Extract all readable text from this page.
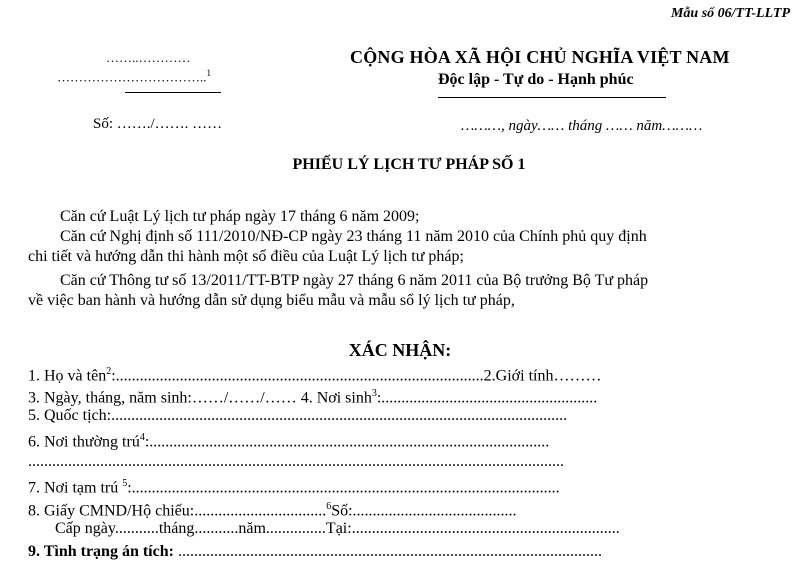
Mẫu số 06/TT-LLTP
……..…………
……………………………..$^1$
Số: ……./……. ……
CỘNG HÒA XÃ HỘI CHỦ NGHĨA VIỆT NAM
Độc lập - Tự do - Hạnh phúc
………, ngày…… tháng …… năm………
PHIẾU LÝ LỊCH TƯ PHÁP SỐ 1
Căn cứ Luật Lý lịch tư pháp ngày 17 tháng 6 năm 2009;
Căn cứ Nghị định số 111/2010/NĐ-CP ngày 23 tháng 11 năm 2010 của Chính phủ quy định
chi tiết và hướng dẫn thi hành một số điều của Luật Lý lịch tư pháp;
Căn cứ Thông tư số 13/2011/TT-BTP ngày 27 tháng 6 năm 2011 của Bộ trưởng Bộ Tư pháp
về việc ban hành và hướng dẫn sử dụng biểu mẫu và mẫu sổ lý lịch tư pháp,
XÁC NHẬN:
1. Họ và tên$^2$:............................................................................................2.Giới tính………
3. Ngày, tháng, năm sinh:……/……/…… 4. Nơi $\sinh^3$:......................................................
5. Quốc tịch:..................................................................................................................
6. Nơi thường trú$^4$:....................................................................................................
......................................................................................................................................
7. Nơi tạm trú $^5$:...........................................................................................................
8. Giấy CMND/Hộ chiếu:.................................$^6$Số:.........................................
Cấp ngày...........tháng...........năm...............Tại:...................................................................
9. Tình trạng án tích: ..........................................................................................................
